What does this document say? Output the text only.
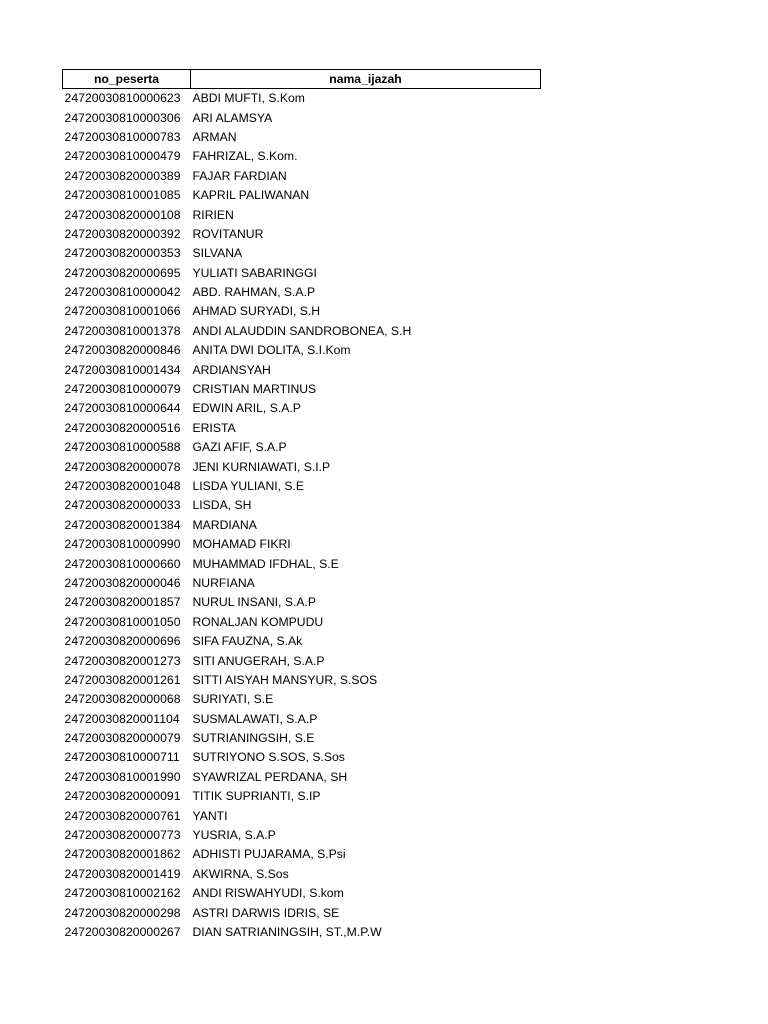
no_peserta	nama_ijazah
24720030810000623	ABDI MUFTI, S.Kom
24720030810000306	ARI ALAMSYA
24720030810000783	ARMAN
24720030810000479	FAHRIZAL, S.Kom.
24720030820000389	FAJAR FARDIAN
24720030810001085	KAPRIL PALIWANAN
24720030820000108	RIRIEN
24720030820000392	ROVITANUR
24720030820000353	SILVANA
24720030820000695	YULIATI SABARINGGI
24720030810000042	ABD. RAHMAN, S.A.P
24720030810001066	AHMAD SURYADI, S.H
24720030810001378	ANDI ALAUDDIN SANDROBONEA, S.H
24720030820000846	ANITA DWI DOLITA, S.I.Kom
24720030810001434	ARDIANSYAH
24720030810000079	CRISTIAN MARTINUS
24720030810000644	EDWIN ARIL, S.A.P
24720030820000516	ERISTA
24720030810000588	GAZI AFIF, S.A.P
24720030820000078	JENI KURNIAWATI, S.I.P
24720030820001048	LISDA YULIANI, S.E
24720030820000033	LISDA, SH
24720030820001384	MARDIANA
24720030810000990	MOHAMAD FIKRI
24720030810000660	MUHAMMAD IFDHAL, S.E
24720030820000046	NURFIANA
24720030820001857	NURUL INSANI, S.A.P
24720030810001050	RONALJAN KOMPUDU
24720030820000696	SIFA FAUZNA, S.Ak
24720030820001273	SITI ANUGERAH, S.A.P
24720030820001261	SITTI AISYAH MANSYUR, S.SOS
24720030820000068	SURIYATI, S.E
24720030820001104	SUSMALAWATI, S.A.P
24720030820000079	SUTRIANINGSIH, S.E
24720030810000711	SUTRIYONO S.SOS, S.Sos
24720030810001990	SYAWRIZAL PERDANA, SH
24720030820000091	TITIK SUPRIANTI, S.IP
24720030820000761	YANTI
24720030820000773	YUSRIA, S.A.P
24720030820001862	ADHISTI PUJARAMA, S.Psi
24720030820001419	AKWIRNA, S.Sos
24720030810002162	ANDI RISWAHYUDI, S.kom
24720030820000298	ASTRI DARWIS IDRIS, SE
24720030820000267	DIAN SATRIANINGSIH, ST.,M.P.W
